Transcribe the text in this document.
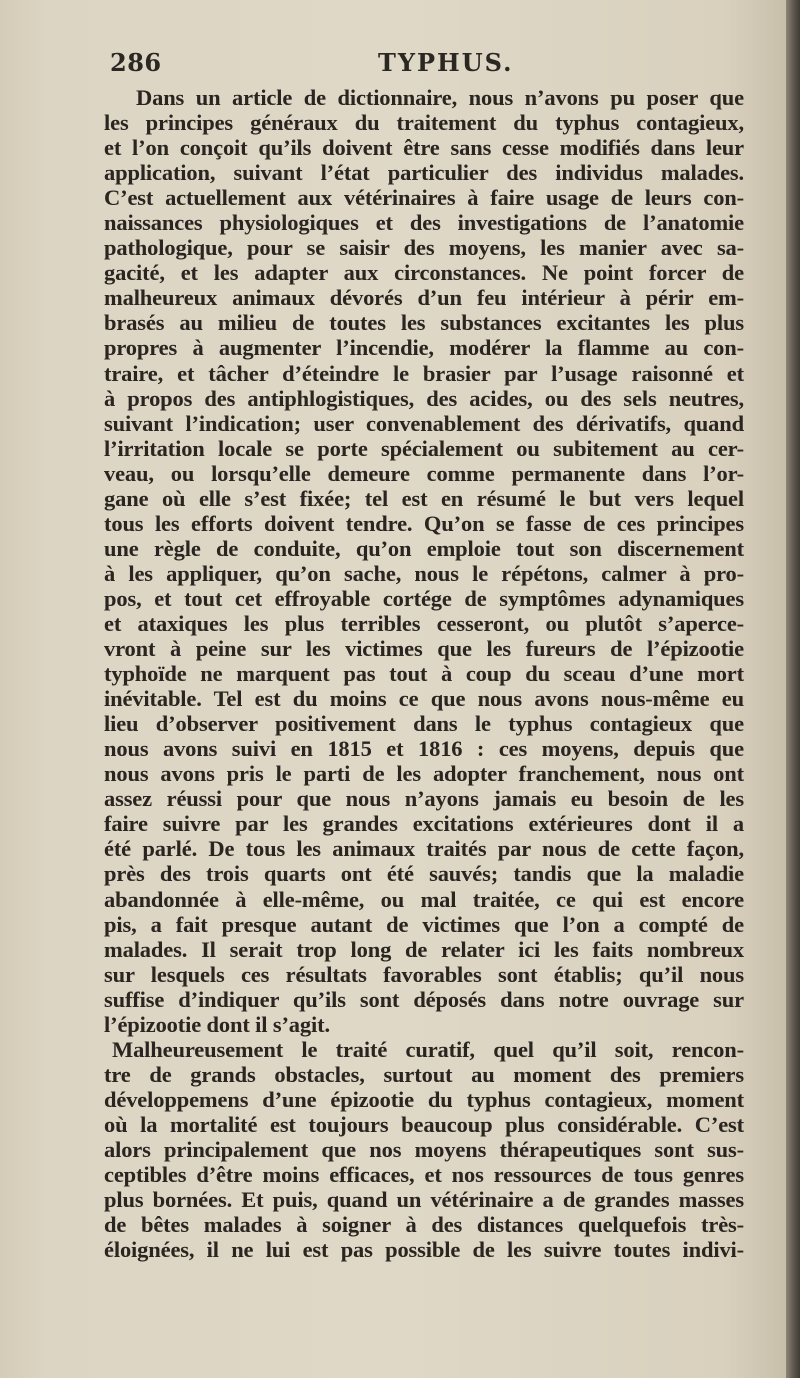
286	TYPHUS.
Dans un article de dictionnaire, nous n’avons pu poser que
les principes généraux du traitement du typhus contagieux,
et l’on conçoit qu’ils doivent être sans cesse modifiés dans leur
application, suivant l’état particulier des individus malades.
C’est actuellement aux vétérinaires à faire usage de leurs con-
naissances physiologiques et des investigations de l’anatomie
pathologique, pour se saisir des moyens, les manier avec sa-
gacité, et les adapter aux circonstances. Ne point forcer de
malheureux animaux dévorés d’un feu intérieur à périr em-
brasés au milieu de toutes les substances excitantes les plus
propres à augmenter l’incendie, modérer la flamme au con-
traire, et tâcher d’éteindre le brasier par l’usage raisonné et
à propos des antiphlogistiques, des acides, ou des sels neutres,
suivant l’indication; user convenablement des dérivatifs, quand
l’irritation locale se porte spécialement ou subitement au cer-
veau, ou lorsqu’elle demeure comme permanente dans l’or-
gane où elle s’est fixée; tel est en résumé le but vers lequel
tous les efforts doivent tendre. Qu’on se fasse de ces principes
une règle de conduite, qu’on emploie tout son discernement
à les appliquer, qu’on sache, nous le répétons, calmer à pro-
pos, et tout cet effroyable cortége de symptômes adynamiques
et ataxiques les plus terribles cesseront, ou plutôt s’aperce-
vront à peine sur les victimes que les fureurs de l’épizootie
typhoïde ne marquent pas tout à coup du sceau d’une mort
inévitable. Tel est du moins ce que nous avons nous-même eu
lieu d’observer positivement dans le typhus contagieux que
nous avons suivi en 1815 et 1816 : ces moyens, depuis que
nous avons pris le parti de les adopter franchement, nous ont
assez réussi pour que nous n’ayons jamais eu besoin de les
faire suivre par les grandes excitations extérieures dont il a
été parlé. De tous les animaux traités par nous de cette façon,
près des trois quarts ont été sauvés; tandis que la maladie
abandonnée à elle-même, ou mal traitée, ce qui est encore
pis, a fait presque autant de victimes que l’on a compté de
malades. Il serait trop long de relater ici les faits nombreux
sur lesquels ces résultats favorables sont établis; qu’il nous
suffise d’indiquer qu’ils sont déposés dans notre ouvrage sur
l’épizootie dont il s’agit.
Malheureusement le traité curatif, quel qu’il soit, rencon-
tre de grands obstacles, surtout au moment des premiers
développemens d’une épizootie du typhus contagieux, moment
où la mortalité est toujours beaucoup plus considérable. C’est
alors principalement que nos moyens thérapeutiques sont sus-
ceptibles d’être moins efficaces, et nos ressources de tous genres
plus bornées. Et puis, quand un vétérinaire a de grandes masses
de bêtes malades à soigner à des distances quelquefois très-
éloignées, il ne lui est pas possible de les suivre toutes indivi-
